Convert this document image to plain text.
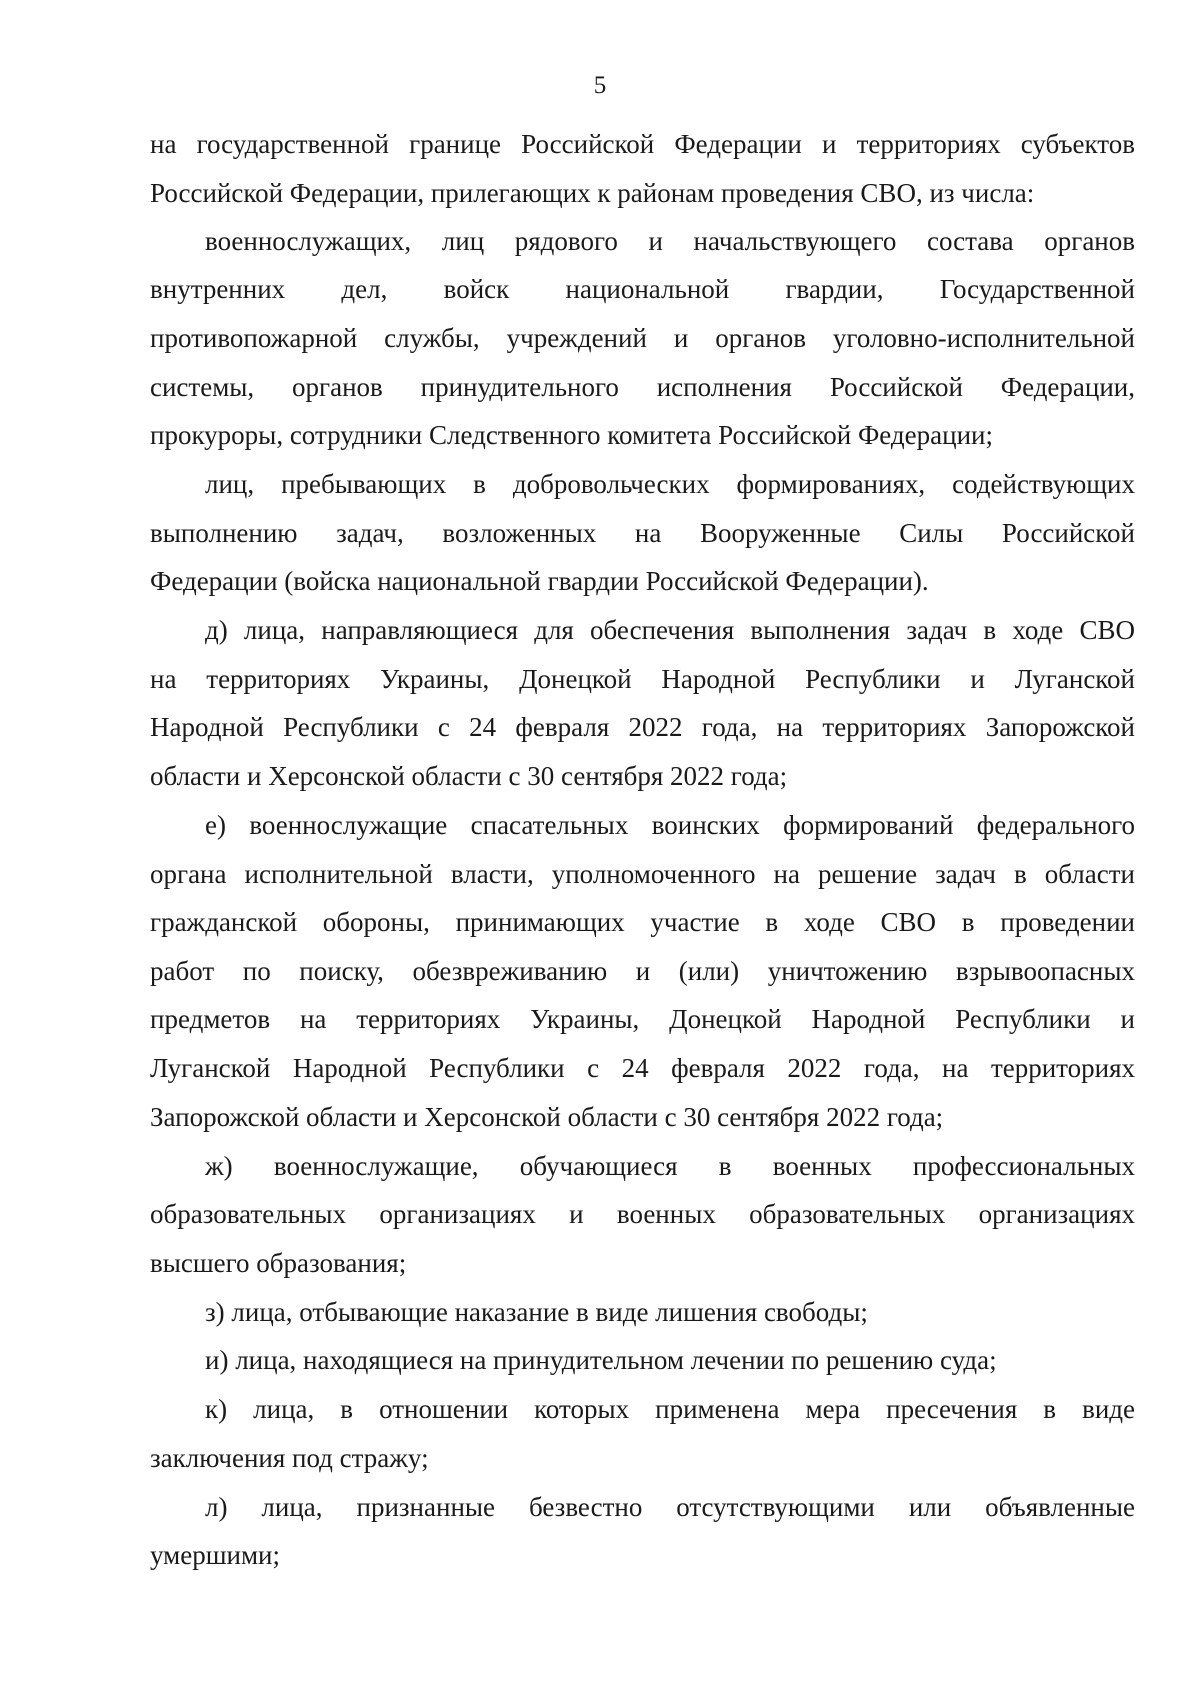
5
на государственной границе Российской Федерации и территориях субъектов
Российской Федерации, прилегающих к районам проведения СВО, из числа:
военнослужащих, лиц рядового и начальствующего состава органов
внутренних дел, войск национальной гвардии, Государственной
противопожарной службы, учреждений и органов уголовно-исполнительной
системы, органов принудительного исполнения Российской Федерации,
прокуроры, сотрудники Следственного комитета Российской Федерации;
лиц, пребывающих в добровольческих формированиях, содействующих
выполнению задач, возложенных на Вооруженные Силы Российской
Федерации (войска национальной гвардии Российской Федерации).
д) лица, направляющиеся для обеспечения выполнения задач в ходе СВО
на территориях Украины, Донецкой Народной Республики и Луганской
Народной Республики с 24 февраля 2022 года, на территориях Запорожской
области и Херсонской области с 30 сентября 2022 года;
е) военнослужащие спасательных воинских формирований федерального
органа исполнительной власти, уполномоченного на решение задач в области
гражданской обороны, принимающих участие в ходе СВО в проведении
работ по поиску, обезвреживанию и (или) уничтожению взрывоопасных
предметов на территориях Украины, Донецкой Народной Республики и
Луганской Народной Республики с 24 февраля 2022 года, на территориях
Запорожской области и Херсонской области с 30 сентября 2022 года;
ж) военнослужащие, обучающиеся в военных профессиональных
образовательных организациях и военных образовательных организациях
высшего образования;
з) лица, отбывающие наказание в виде лишения свободы;
и) лица, находящиеся на принудительном лечении по решению суда;
к) лица, в отношении которых применена мера пресечения в виде
заключения под стражу;
л) лица, признанные безвестно отсутствующими или объявленные
умершими;
